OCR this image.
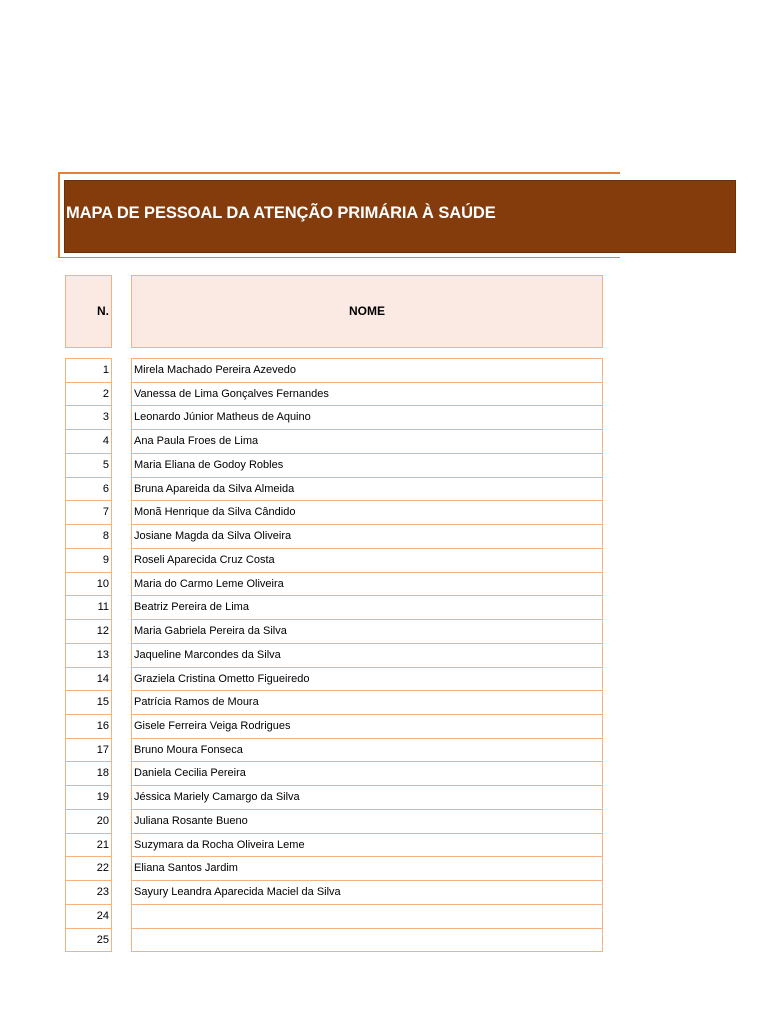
MAPA DE PESSOAL DA ATENÇÃO PRIMÁRIA À SAÚDE
N.	NOME
1
2
3
4
5
6
7
8
9
10
11
12
13
14
15
16
17
18
19
20
21
22
23
24
25
Mirela Machado Pereira Azevedo
Vanessa de Lima Gonçalves Fernandes
Leonardo Júnior Matheus de Aquino
Ana Paula Froes de Lima
Maria Eliana de Godoy Robles
Bruna Apareida da Silva Almeida
Monã Henrique da Silva Cândido
Josiane Magda da Silva Oliveira
Roseli Aparecida Cruz Costa
Maria do Carmo Leme Oliveira
Beatriz Pereira de Lima
Maria Gabriela Pereira da Silva
Jaqueline Marcondes da Silva
Graziela Cristina Ometto Figueiredo
Patrícia Ramos de Moura
Gisele Ferreira Veiga Rodrigues
Bruno Moura Fonseca
Daniela Cecilia Pereira
Jéssica Mariely Camargo da Silva
Juliana Rosante Bueno
Suzymara da Rocha Oliveira Leme
Eliana Santos Jardim
Sayury Leandra Aparecida Maciel da Silva
